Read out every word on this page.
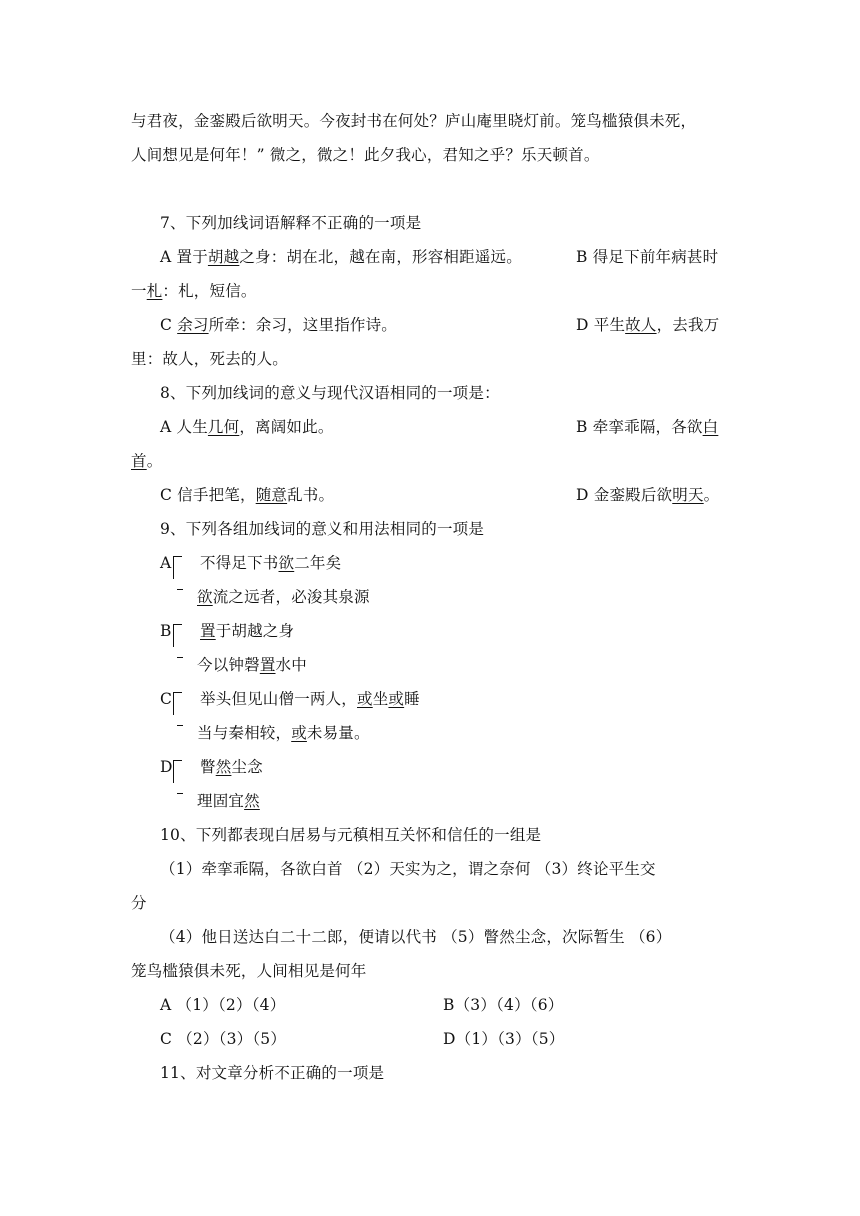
与君夜，金銮殿后欲明天。今夜封书在何处？庐山庵里晓灯前。笼鸟槛猿俱未死，
人间想见是何年！” 微之，微之！此夕我心，君知之乎？乐天顿首。
7、下列加线词语解释不正确的一项是
A 置于胡越之身：胡在北，越在南，形容相距遥远。	B 得足下前年病甚时
一札：札，短信。
C 余习所牵：余习，这里指作诗。	D 平生故人，去我万
里：故人，死去的人。
8、下列加线词的意义与现代汉语相同的一项是：
A 人生几何，离阔如此。	B 牵挛乖隔，各欲白
首。
C 信手把笔，随意乱书。	D 金銮殿后欲明天。
9、下列各组加线词的意义和用法相同的一项是
A 不得足下书欲二年矣
欲流之远者，必浚其泉源
B 置于胡越之身
今以钟磬置水中
C 举头但见山僧一两人，或坐或睡
当与秦相较，或未易量。
D 瞥然尘念
理固宜然
10、下列都表现白居易与元稹相互关怀和信任的一组是
（1）牵挛乖隔，各欲白首 （2）天实为之，谓之奈何 （3）终论平生交
分
（4）他日送达白二十二郎，便请以代书 （5）瞥然尘念，次际暂生 （6）
笼鸟槛猿俱未死，人间相见是何年
A （1）（2）（4）	B（3）（4）（6）
C （2）（3）（5）	D（1）（3）（5）
11、对文章分析不正确的一项是
